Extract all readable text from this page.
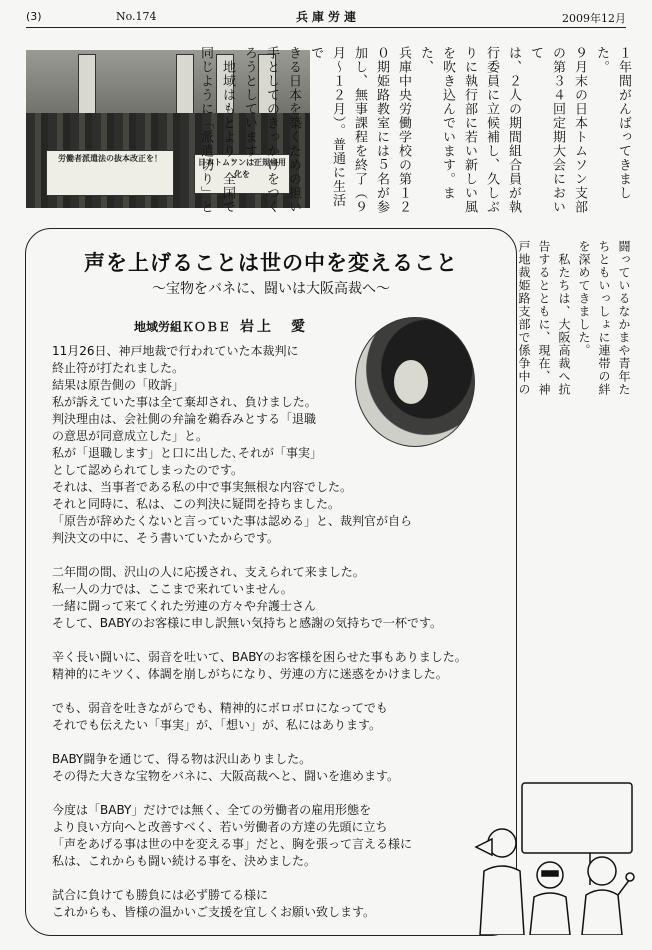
(3)	No.174	兵庫労連	2009年12月
労働者派遣法の抜本改正を！	日本トムソンは正規雇用化を	１年間がんばってきました。

９月末の日本トムソン支部

の第３４回定期大会において

は、２人の期間組合員が執

行委員に立候補し、久しぶ

りに執行部に若い新しい風

を吹き込んでいます。また、

兵庫中央労働学校の第１２

０期姫路教室には５名が参

加し、無事課程を終了（９

月〜１２月）。普通に生活で

きる日本を築くための担い

手としてのきっかけをつく

ろうとしています。

　地域はもとより、全国で

同じように「派遣切り」と

闘っているなかまや青年た

ちともいっしょに連帯の絆

を深めてきました。

　私たちは、大阪高裁へ抗

告するとともに、現在、神

戸地裁姫路支部で係争中の

声を上げることは世の中を変えること
〜宝物をバネに、闘いは大阪高裁へ〜
地域労組ＫＯＢＥ 岩上　愛

11月26日、神戸地裁で行われていた本裁判に

終止符が打たれました。

結果は原告側の「敗訴」

私が訴えていた事は全て棄却され、負けました。

判決理由は、会社側の弁論を鵜呑みとする「退職

の意思が同意成立した」と。

私が「退職します」と口に出した､それが「事実」

として認められてしまったのです。

それは、当事者である私の中で事実無根な内容でした。

それと同時に、私は、この判決に疑問を持ちました。

「原告が辞めたくないと言っていた事は認める」と、裁判官が自ら

判決文の中に、そう書いていたからです。

二年間の間、沢山の人に応援され、支えられて来ました。

私一人の力では、ここまで来れていません。

一緒に闘って来てくれた労連の方々や弁護士さん

そして、BABYのお客様に申し訳無い気持ちと感謝の気持ちで一杯です。

辛く長い闘いに、弱音を吐いて、BABYのお客様を困らせた事もありました。

精神的にキツく、体調を崩しがちになり、労連の方に迷惑をかけました。

でも、弱音を吐きながらでも、精神的にボロボロになってでも

それでも伝えたい「事実」が、「想い」が、私にはあります。

BABY闘争を通じて、得る物は沢山ありました。

その得た大きな宝物をバネに、大阪高裁へと、闘いを進めます。

今度は「BABY」だけでは無く、全ての労働者の雇用形態を

より良い方向へと改善すべく、若い労働者の方達の先頭に立ち

「声をあげる事は世の中を変える事」だと、胸を張って言える様に

私は、これからも闘い続ける事を、決めました。

試合に負けても勝負には必ず勝てる様に

これからも、皆様の温かいご支援を宜しくお願い致します。
